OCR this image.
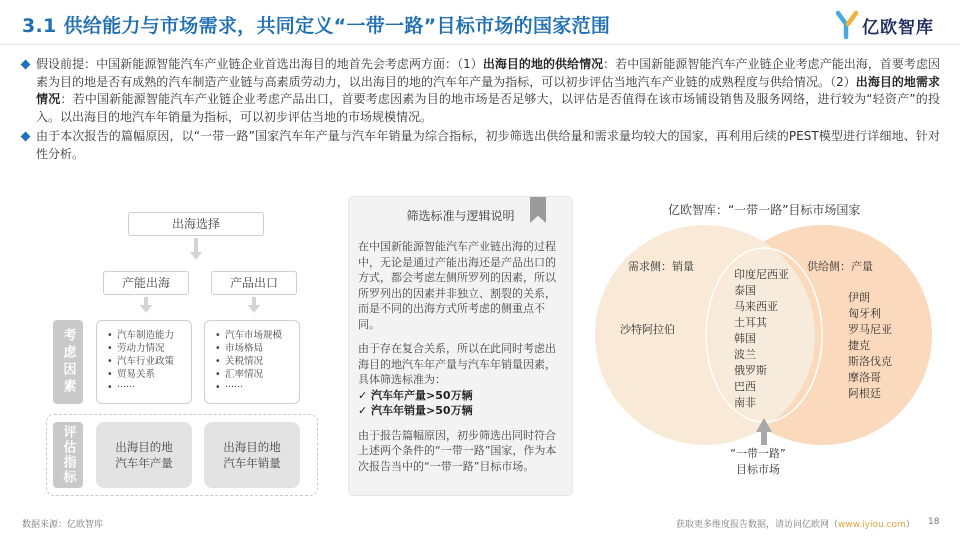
3.1 供给能力与市场需求，共同定义“一带一路”目标市场的国家范围	亿欧智库
假设前提：中国新能源智能汽车产业链企业首选出海目的地首先会考虑两方面：（1）出海目的地的供给情况：若中国新能源智能汽车产业链企业考虑产能出海，首要考虑因素为目的地是否有成熟的汽车制造产业链与高素质劳动力，以出海目的地的汽车年产量为指标，可以初步评估当地汽车产业链的成熟程度与供给情况。（2）出海目的地需求情况：若中国新能源智能汽车产业链企业考虑产品出口，首要考虑因素为目的地市场是否足够大，以评估是否值得在该市场铺设销售及服务网络，进行较为“轻资产”的投入。以出海目的地汽车年销量为指标，可以初步评估当地的市场规模情况。
由于本次报告的篇幅原因，以“一带一路”国家汽车年产量与汽车年销量为综合指标，初步筛选出供给量和需求量均较大的国家，再利用后续的PEST模型进行详细地、针对性分析。
出海选择
产能出海	产品出口
考虑因素
•	汽车制造能力
• 劳动力情况
• 汽车行业政策
• 贸易关系
• ······
• 汽车市场规模
• 市场格局
• 关税情况
• 汇率情况
• ······
评估指标	出海目的地
汽车年产量
出海目的地
汽车年销量
筛选标准与逻辑说明

在中国新能源智能汽车产业链出海的过程中，无论是通过产能出海还是产品出口的方式，都会考虑左侧所罗列的因素，所以所罗列出的因素并非独立、割裂的关系，而是不同的出海方式所考虑的侧重点不同。

由于存在复合关系，所以在此同时考虑出海目的地汽车年产量与汽车年销量因素，具体筛选标准为：

✓ 汽车年产量>50万辆
✓ 汽车年销量>50万辆

由于报告篇幅原因，初步筛选出同时符合上述两个条件的“一带一路”国家，作为本次报告当中的“一带一路”目标市场。

亿欧智库：“一带一路”目标市场国家
需求侧：销量	供给侧：产量
沙特阿拉伯
印度尼西亚
泰国
马来西亚
土耳其
韩国
波兰
俄罗斯
巴西
南非
伊朗
匈牙利
罗马尼亚
捷克
斯洛伐克
摩洛哥
阿根廷
“一带一路”
目标市场
数据来源：亿欧智库	获取更多维度报告数据，请访问亿欧网（www.iyiou.com） 18
